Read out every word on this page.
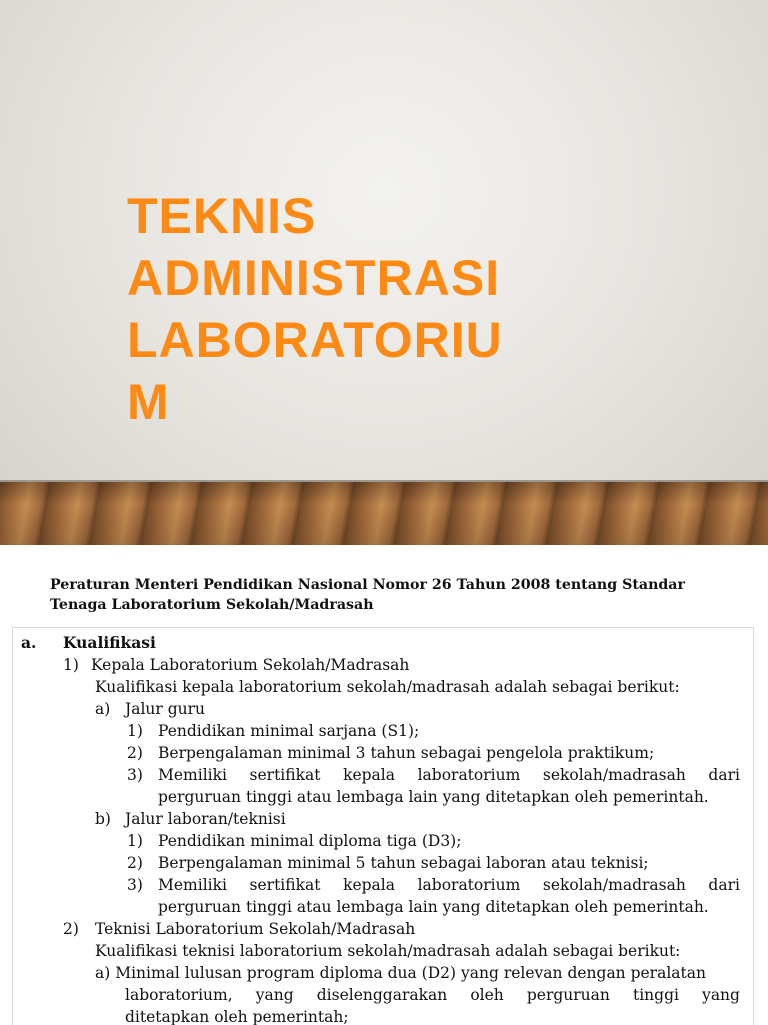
TEKNIS
ADMINISTRASI
LABORATORIU
M
Peraturan Menteri Pendidikan Nasional Nomor 26 Tahun 2008 tentang Standar
Tenaga Laboratorium Sekolah/Madrasah
a. Kualifikasi
1) Kepala Laboratorium Sekolah/Madrasah
Kualifikasi kepala laboratorium sekolah/madrasah adalah sebagai berikut:
a) Jalur guru
1) Pendidikan minimal sarjana (S1);
2) Berpengalaman minimal 3 tahun sebagai pengelola praktikum;
3) Memiliki sertifikat kepala laboratorium sekolah/madrasah dari
perguruan tinggi atau lembaga lain yang ditetapkan oleh pemerintah.
b) Jalur laboran/teknisi
1) Pendidikan minimal diploma tiga (D3);
2) Berpengalaman minimal 5 tahun sebagai laboran atau teknisi;
3) Memiliki sertifikat kepala laboratorium sekolah/madrasah dari
perguruan tinggi atau lembaga lain yang ditetapkan oleh pemerintah.
2) Teknisi Laboratorium Sekolah/Madrasah
Kualifikasi teknisi laboratorium sekolah/madrasah adalah sebagai berikut:
a) Minimal lulusan program diploma dua (D2) yang relevan dengan peralatan
laboratorium, yang diselenggarakan oleh perguruan tinggi yang
ditetapkan oleh pemerintah;
